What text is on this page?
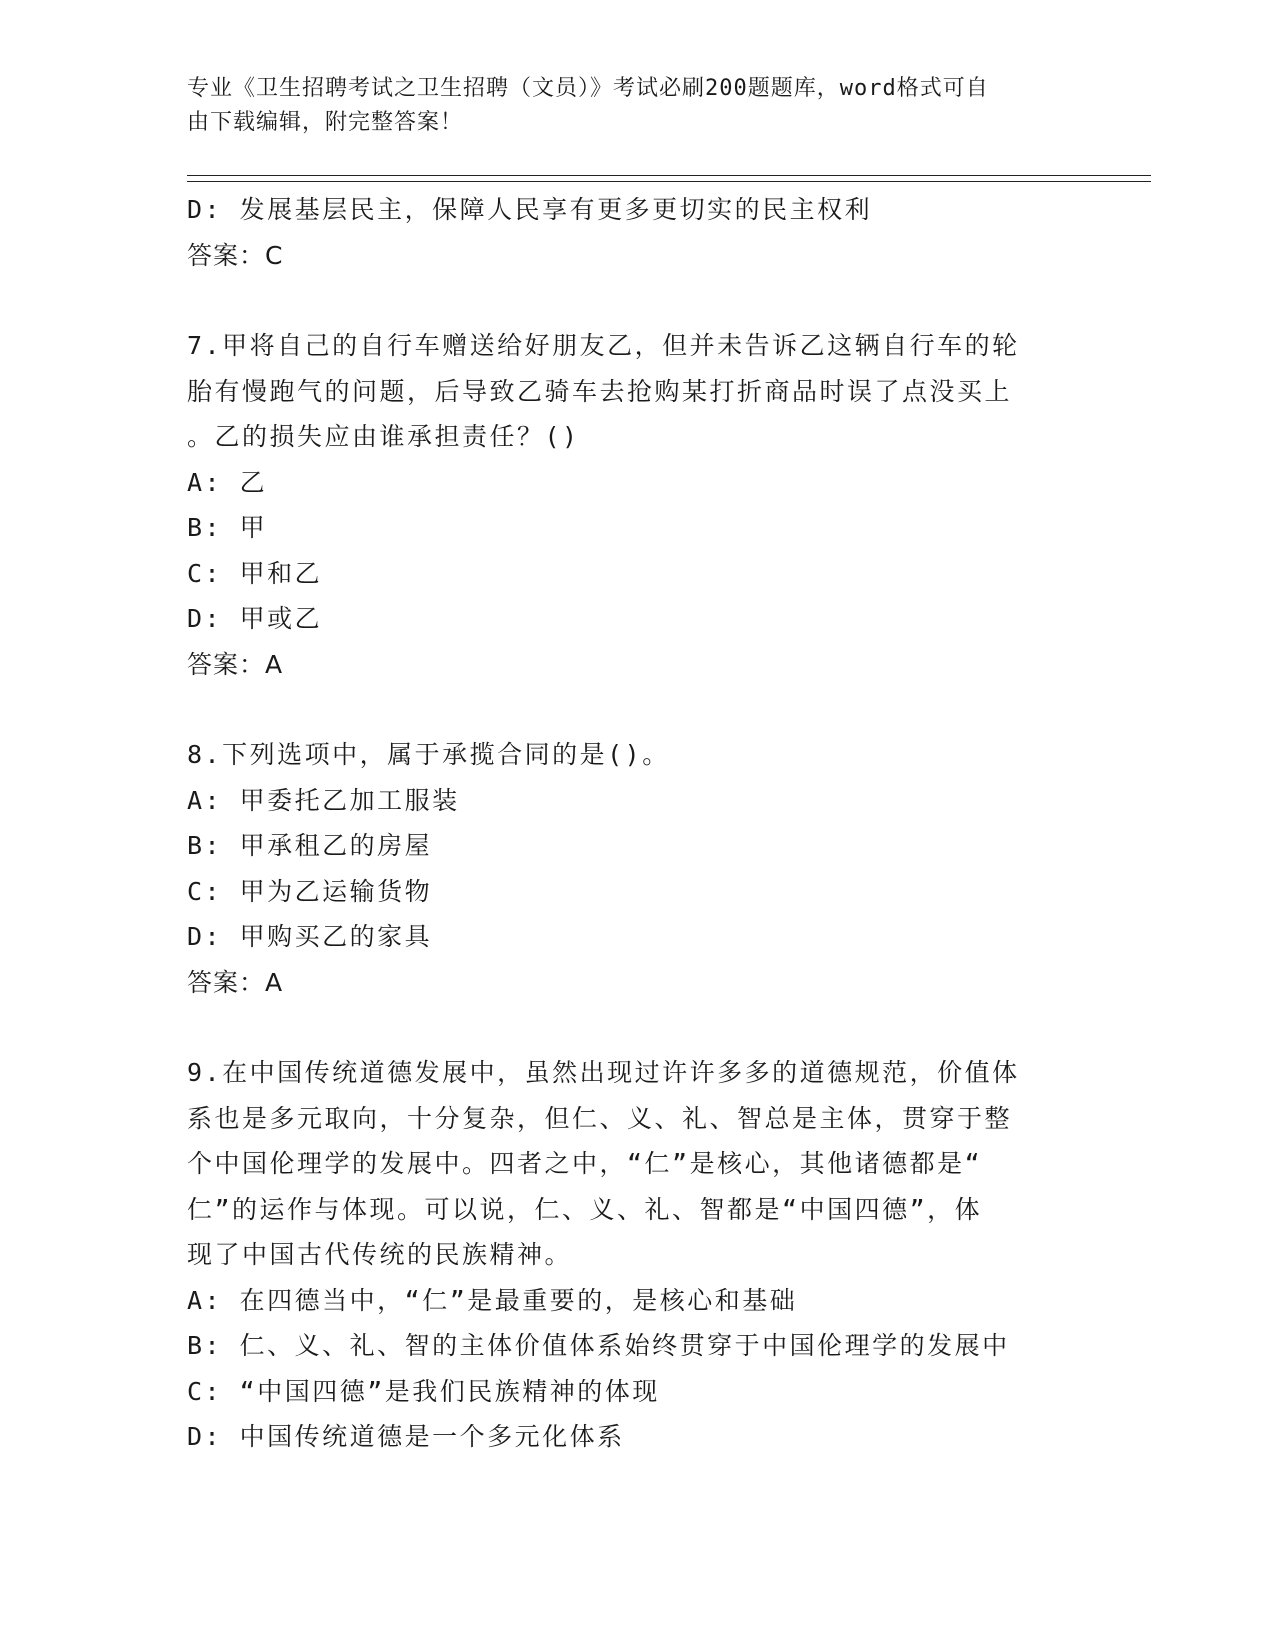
专业《卫生招聘考试之卫生招聘（文员）》考试必刷200题题库，word格式可自
由下载编辑，附完整答案！

D: 发展基层民主，保障人民享有更多更切实的民主权利

答案：C

7.甲将自己的自行车赠送给好朋友乙，但并未告诉乙这辆自行车的轮

胎有慢跑气的问题，后导致乙骑车去抢购某打折商品时误了点没买上

。乙的损失应由谁承担责任？()

A: 乙

B: 甲

C: 甲和乙

D: 甲或乙

答案：A

8.下列选项中，属于承揽合同的是()。

A: 甲委托乙加工服装

B: 甲承租乙的房屋

C: 甲为乙运输货物

D: 甲购买乙的家具

答案：A

9.在中国传统道德发展中，虽然出现过许许多多的道德规范，价值体

系也是多元取向，十分复杂，但仁、义、礼、智总是主体，贯穿于整

个中国伦理学的发展中。四者之中，“仁”是核心，其他诸德都是“

仁”的运作与体现。可以说，仁、义、礼、智都是“中国四德”，体

现了中国古代传统的民族精神。

A: 在四德当中，“仁”是最重要的，是核心和基础

B: 仁、义、礼、智的主体价值体系始终贯穿于中国伦理学的发展中

C: “中国四德”是我们民族精神的体现

D: 中国传统道德是一个多元化体系
